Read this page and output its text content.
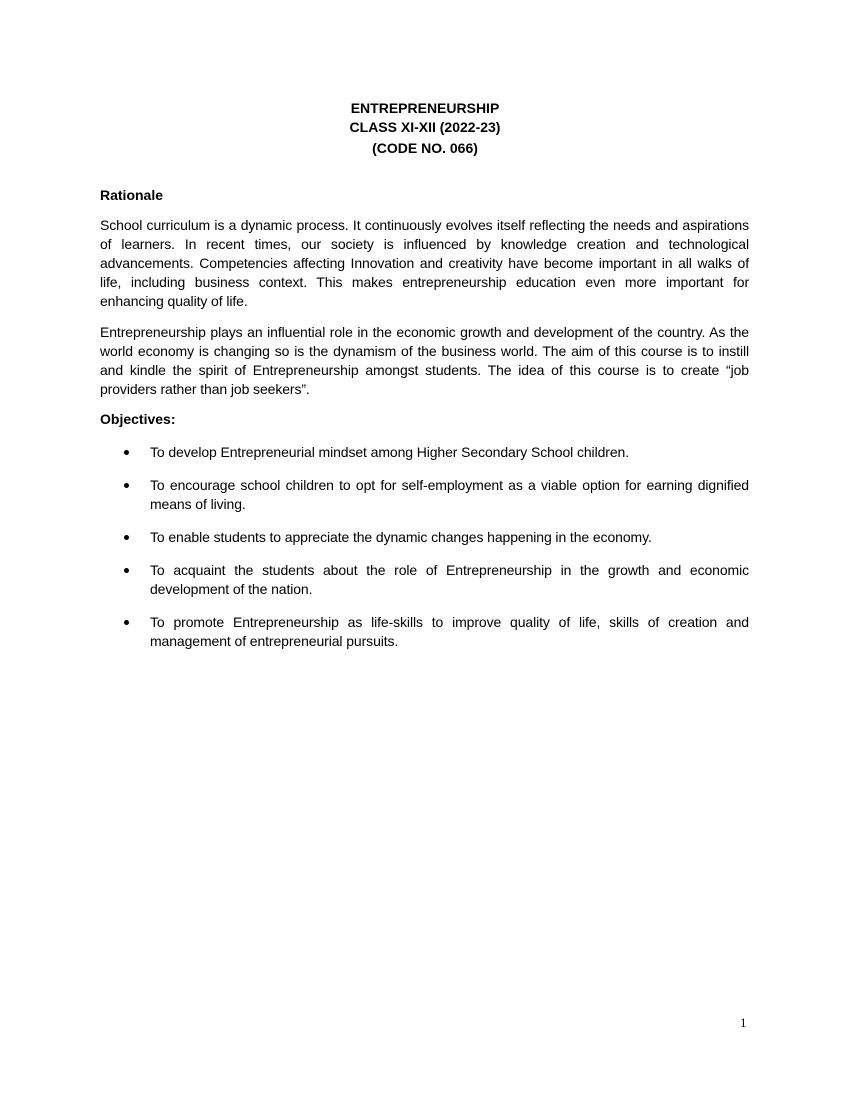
ENTREPRENEURSHIP
CLASS XI-XII (2022-23)
(CODE NO. 066)
Rationale

School curriculum is a dynamic process. It continuously evolves itself reflecting the needs and aspirations of learners. In recent times, our society is influenced by knowledge creation and technological advancements. Competencies affecting Innovation and creativity have become important in all walks of life, including business context. This makes entrepreneurship education even more important for enhancing quality of life.

Entrepreneurship plays an influential role in the economic growth and development of the country. As the world economy is changing so is the dynamism of the business world. The aim of this course is to instill and kindle the spirit of Entrepreneurship amongst students. The idea of this course is to create “job providers rather than job seekers”.

Objectives:
To develop Entrepreneurial mindset among Higher Secondary School children.
To encourage school children to opt for self-employment as a viable option for earning dignified means of living.
To enable students to appreciate the dynamic changes happening in the economy.
To acquaint the students about the role of Entrepreneurship in the growth and economic development of the nation.
To promote Entrepreneurship as life-skills to improve quality of life, skills of creation and management of entrepreneurial pursuits.
1
